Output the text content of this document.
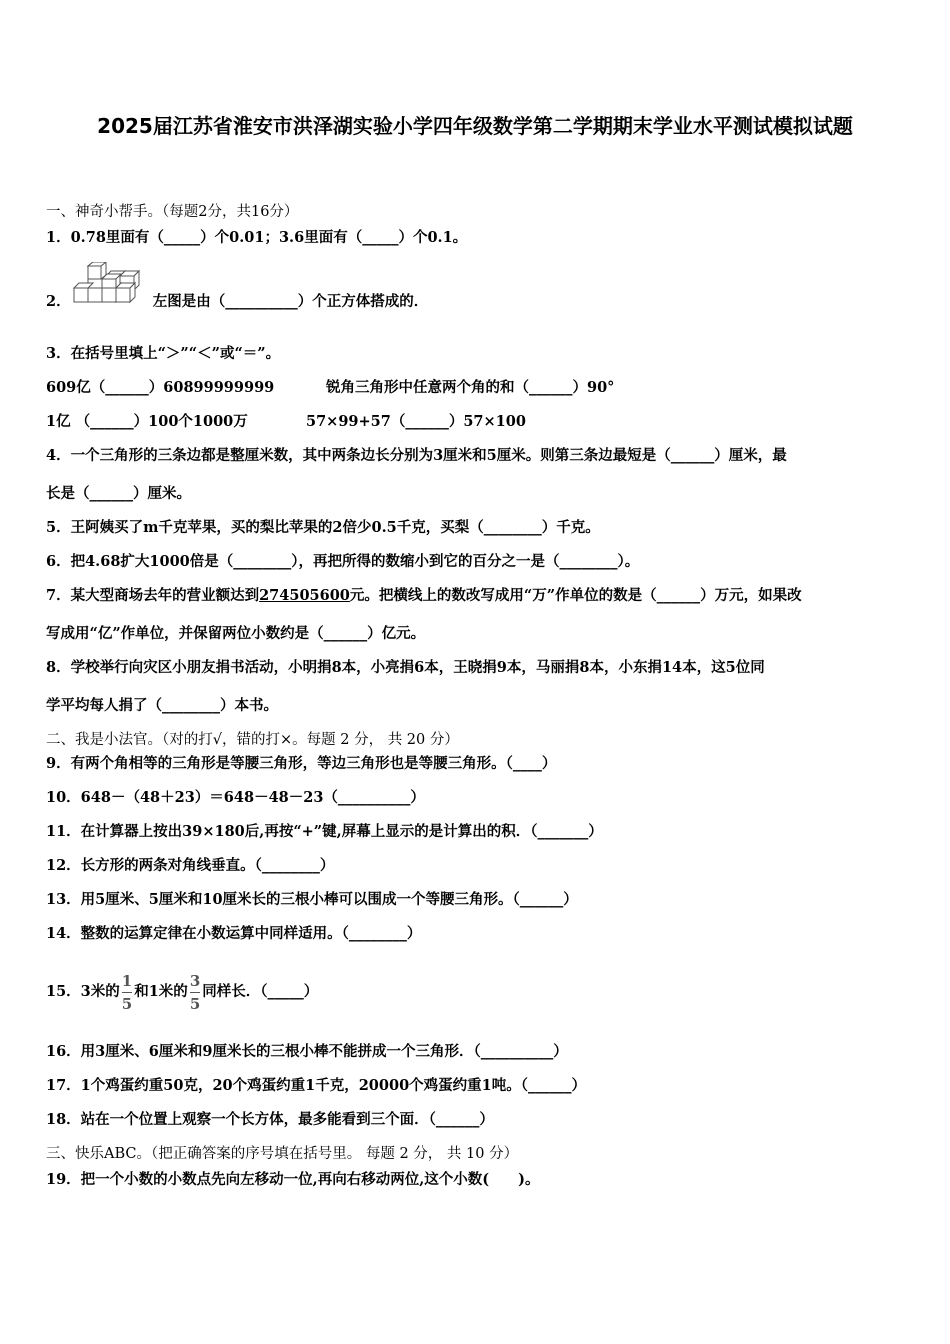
2025届江苏省淮安市洪泽湖实验小学四年级数学第二学期期末学业水平测试模拟试题
一、神奇小帮手。（每题2分，共16分）
1．0.78里面有（_____）个0.01；3.6里面有（_____）个0.1。
2．	左图是由（__________）个正方体搭成的．
3．在括号里填上“＞”“＜”或“＝”。
609亿（______）60899999999	锐角三角形中任意两个角的和（______）90°
1亿 （______）100个1000万	57×99+57（______）57×100
4．一个三角形的三条边都是整厘米数，其中两条边长分别为3厘米和5厘米。则第三条边最短是（______）厘米，最
长是（______）厘米。
5．王阿姨买了m千克苹果，买的梨比苹果的2倍少0.5千克，买梨（________）千克。
6．把4.68扩大1000倍是（________），再把所得的数缩小到它的百分之一是（________）。
7．某大型商场去年的营业额达到274505600元。把横线上的数改写成用“万”作单位的数是（______）万元，如果改
写成用“亿”作单位，并保留两位小数约是（______）亿元。
8．学校举行向灾区小朋友捐书活动，小明捐8本，小亮捐6本，王晓捐9本，马丽捐8本，小东捐14本，这5位同
学平均每人捐了（________）本书。
二、我是小法官。（对的打√，错的打×。每题 2 分， 共 20 分）
9．有两个角相等的三角形是等腰三角形，等边三角形也是等腰三角形。（____）
10．648－（48＋23）＝648－48－23（__________）
11．在计算器上按出39×180后,再按“+”键,屏幕上显示的是计算出的积．（_______）
12．长方形的两条对角线垂直。（________）
13．用5厘米、5厘米和10厘米长的三根小棒可以围成一个等腰三角形。（______）
14．整数的运算定律在小数运算中同样适用。（________）
15．3米的 $\frac{1}{5}$ 和1米的 $\frac{3}{5}$ 同样长．（_____）
16．用3厘米、6厘米和9厘米长的三根小棒不能拼成一个三角形．（__________）
17．1个鸡蛋约重50克，20个鸡蛋约重1千克，20000个鸡蛋约重1吨。（______）
18．站在一个位置上观察一个长方体，最多能看到三个面．（______）
三、快乐ABC。（把正确答案的序号填在括号里。 每题 2 分， 共 10 分）
19．把一个小数的小数点先向左移动一位,再向右移动两位,这个小数(　　)。
